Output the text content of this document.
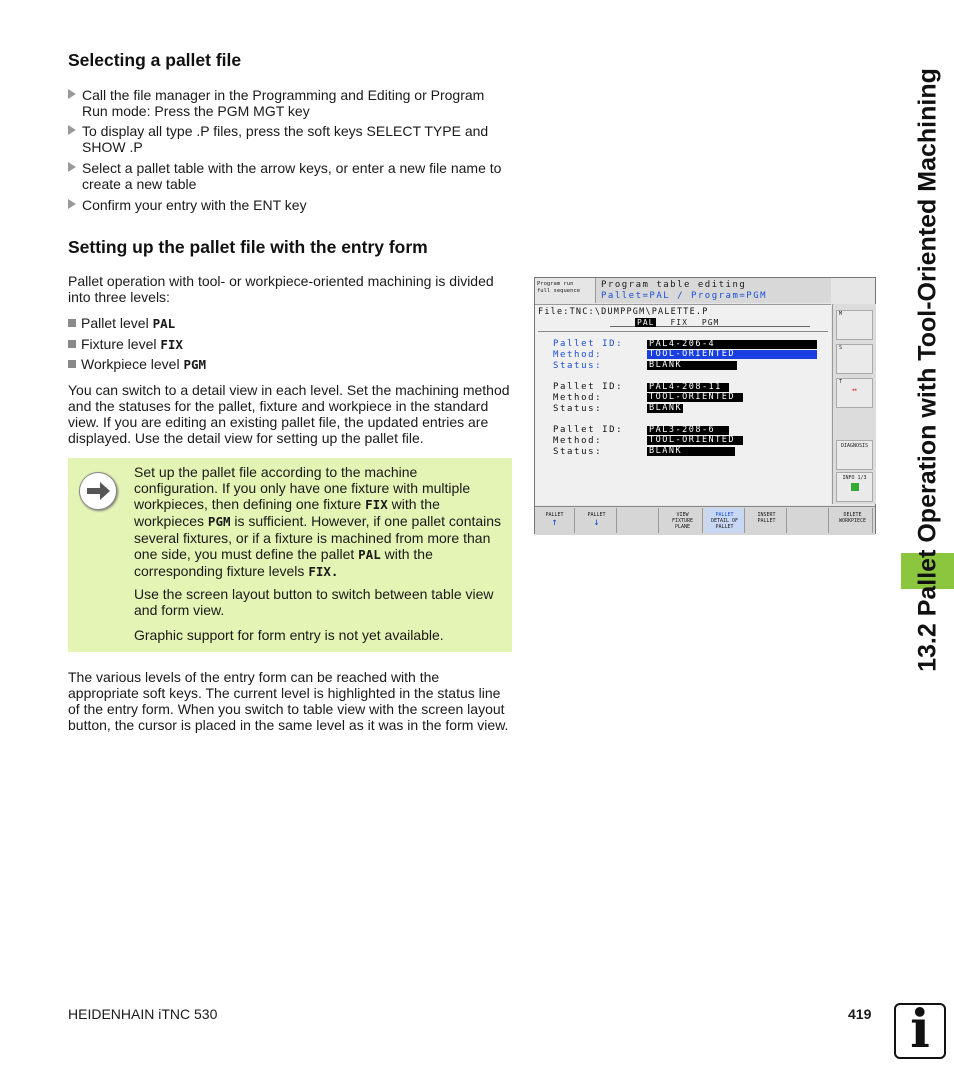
Selecting a pallet file
Call the file manager in the Programming and Editing or Program Run mode: Press the PGM MGT key
To display all type .P files, press the soft keys SELECT TYPE and SHOW .P
Select a pallet table with the arrow keys, or enter a new file name to create a new table
Confirm your entry with the ENT key
Setting up the pallet file with the entry form
Pallet operation with tool- or workpiece-oriented machining is divided into three levels:
Pallet level PAL
Fixture level FIX
Workpiece level PGM
You can switch to a detail view in each level. Set the machining method and the statuses for the pallet, fixture and workpiece in the standard view. If you are editing an existing pallet file, the updated entries are displayed. Use the detail view for setting up the pallet file.
Set up the pallet file according to the machine configuration. If you only have one fixture with multiple workpieces, then defining one fixture FIX with the workpieces PGM is sufficient. However, if one pallet contains several fixtures, or if a fixture is machined from more than one side, you must define the pallet PAL with the corresponding fixture levels FIX.
Use the screen layout button to switch between table view and form view.
Graphic support for form entry is not yet available.
The various levels of the entry form can be reached with the appropriate soft keys. The current level is highlighted in the status line of the entry form. When you switch to table view with the screen layout button, the cursor is placed in the same level as it was in the form view.
Program run
full sequence
Program table editing
Pallet=PAL / Program=PGM
File:TNC:\DUMPPGM\PALETTE.P
PAL FIX PGM
Pallet ID:	PAL4-206-4
Method:	TOOL-ORIENTED
Status:	BLANK
Pallet ID:	PAL4-208-11
Method:	TOOL-ORIENTED
Status:	BLANK
Pallet ID:	PAL3-208-6
Method:	TOOL-ORIENTED
Status:	BLANK
M
S
T
↔
DIAGNOSIS
INFO 1/3
PALLET
↑
PALLET
↓
VIEW
FIXTURE
PLANE
PALLET
DETAIL OF
PALLET
INSERT
PALLET
DELETE
WORKPIECE 13.2 Pallet Operation with Tool-Oriented Machining
HEIDENHAIN iTNC 530	419 i
